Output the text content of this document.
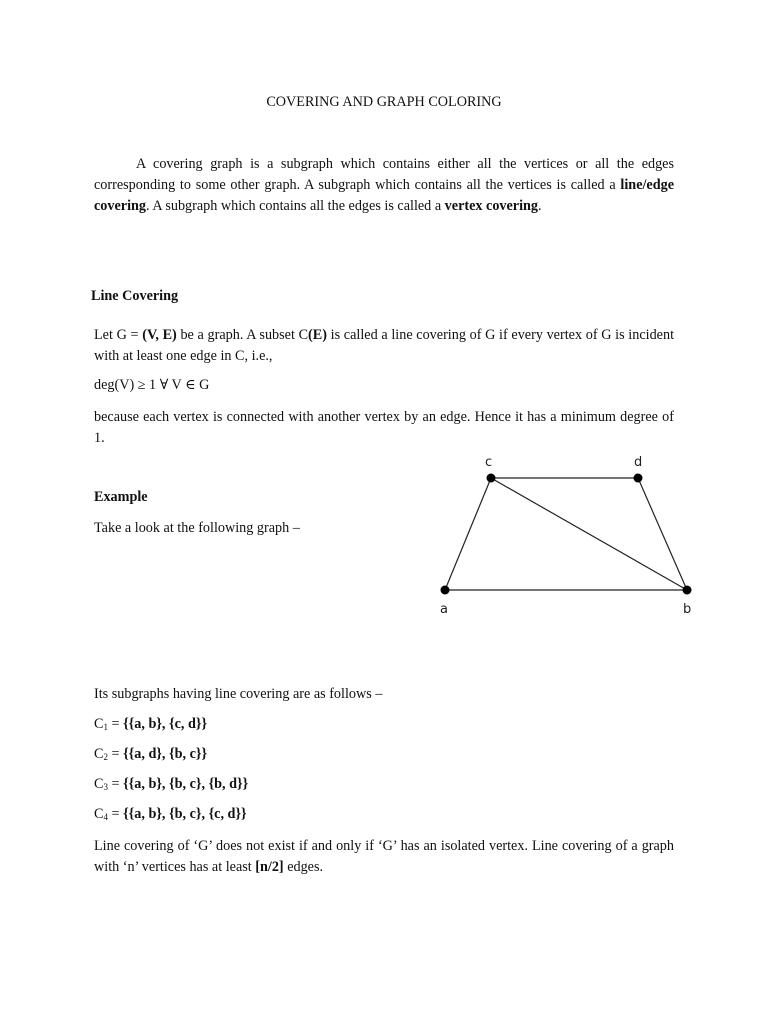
COVERING AND GRAPH COLORING
A covering graph is a subgraph which contains either all the vertices or all the edges corresponding to some other graph. A subgraph which contains all the vertices is called a line/edge covering. A subgraph which contains all the edges is called a vertex covering.
Line Covering
Let G = (V, E) be a graph. A subset C(E) is called a line covering of G if every vertex of G is incident with at least one edge in C, i.e.,
deg(V) ≥ 1 ∀ V ∈ G
because each vertex is connected with another vertex by an edge. Hence it has a minimum degree of 1.
Example
Take a look at the following graph –
a	b
c	d
Its subgraphs having line covering are as follows –
$C_1 = \{\{a$, b}, {c, d}}
$C_2 = \{\{a$, d}, {b, c}}
$C_3 = \{\{a$, b}, {b, c}, {b, d}}
$C_4 = \{\{a$, b}, {b, c}, {c, d}}
Line covering of ‘G’ does not exist if and only if ‘G’ has an isolated vertex. Line covering of a graph with ‘n’ vertices has at least [n/2] edges.
